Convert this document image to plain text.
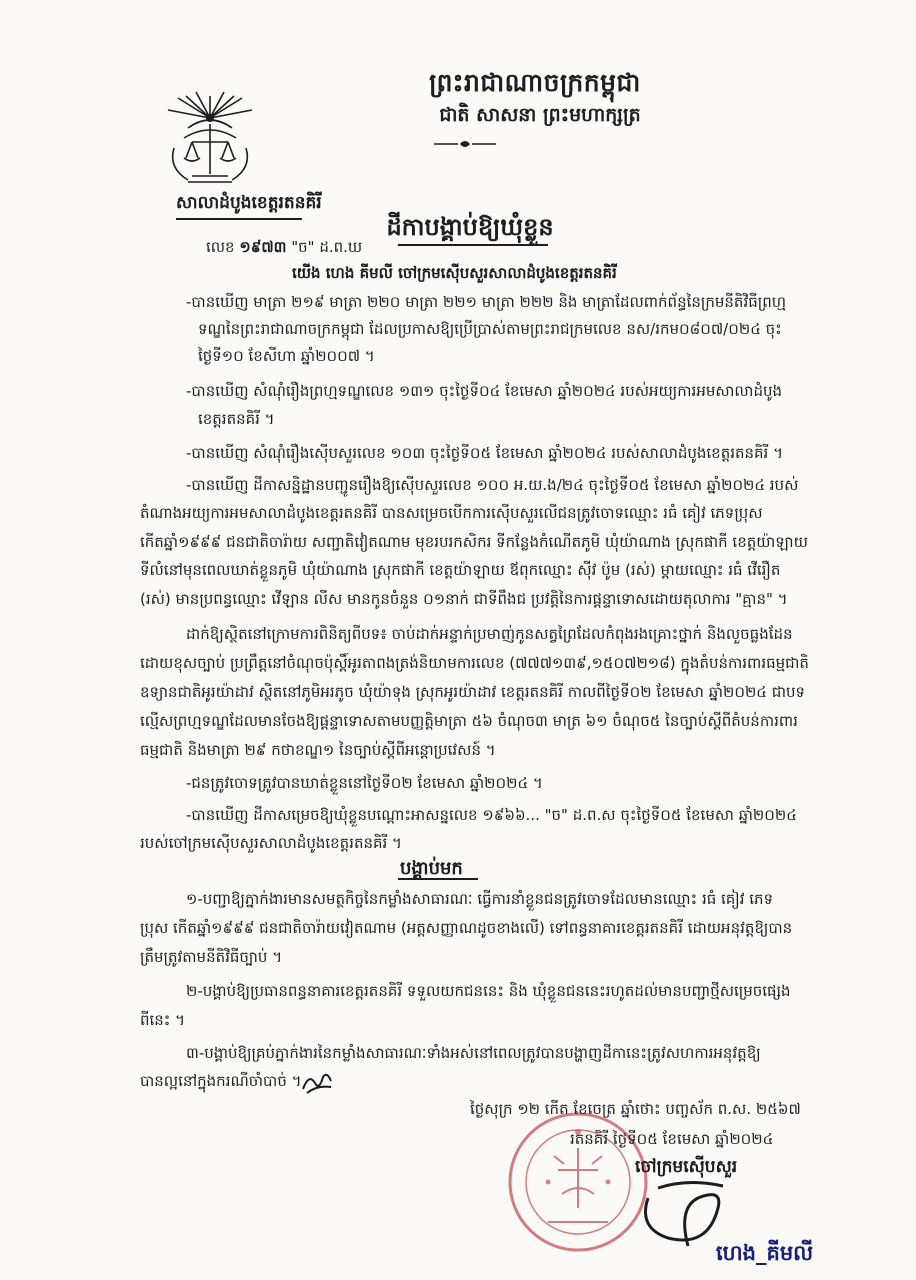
ព្រះរាជាណាចក្រកម្ពុជា
ជាតិ សាសនា ព្រះមហាក្សត្រ
សាលាដំបូងខេត្តរតនគិរី
ដីកាបង្គាប់ឱ្យឃុំខ្លួន
លេខ ១៩៧៣ "ច" ដ.ព.ឃ
យើង ហេង គីមលី ចៅក្រមស៊ើបសួរសាលាដំបូងខេត្តរតនគិរី
-បានឃើញ មាត្រា ២១៩ មាត្រា ២២០ មាត្រា ២២១ មាត្រា ២២២ និង មាត្រាដែលពាក់ព័ន្ធនៃក្រមនីតិវិធីព្រហ្ម
ទណ្ឌនៃព្រះរាជាណាចក្រកម្ពុជា ដែលប្រកាសឱ្យប្រើប្រាស់តាមព្រះរាជក្រមលេខ នស/រកម០៨០៧/០២៤ ចុះ
ថ្ងៃទី១០ ខែសីហា ឆ្នាំ២០០៧ ។
-បានឃើញ សំណុំរឿងព្រហ្មទណ្ឌលេខ ១៣១ ចុះថ្ងៃទី០៤ ខែមេសា ឆ្នាំ២០២៤ របស់អយ្យការអមសាលាដំបូង
ខេត្តរតនគិរី ។
-បានឃើញ សំណុំរឿងស៊ើបសួរលេខ ១០៣ ចុះថ្ងៃទី០៥ ខែមេសា ឆ្នាំ២០២៤ របស់សាលាដំបូងខេត្តរតនគិរី ។
-បានឃើញ ដីកាសន្និដ្ឋានបញ្ជូនរឿងឱ្យស៊ើបសួរលេខ ១០០ អ.យ.ង/២៤ ចុះថ្ងៃទី០៥ ខែមេសា ឆ្នាំ២០២៤ របស់
តំណាងអយ្យការអមសាលាដំបូងខេត្តរតនគិរី បានសម្រេចបើកការស៊ើបសួរលើជនត្រូវចោទឈ្មោះ រធំ គៀវ ភេទប្រុស
កើតឆ្នាំ១៩៩៩ ជនជាតិចារ៉ាយ សញ្ជាតិវៀតណាម មុខរបរកសិករ ទីកន្លែងកំណើតភូមិ ឃុំយ៉ាណាង ស្រុកផាកី ខេត្តយ៉ាឡាយ
ទីលំនៅមុនពេលឃាត់ខ្លួនភូមិ ឃុំយ៉ាណាង ស្រុកផាកី ខេត្តយ៉ាឡាយ ឪពុកឈ្មោះ ស៊ីវ ប៉ូម (រស់) ម្ដាយឈ្មោះ រធំ វើរឿត
(រស់) មានប្រពន្ធឈ្មោះ វើឡាន លីស មានកូនចំនួន ០១នាក់ ជាទីពឹងជ ប្រវត្តិនៃការផ្ដន្ទាទោសដោយតុលាការ "គ្មាន" ។
ដាក់ឱ្យស្ថិតនៅក្រោមការពិនិត្យពីបទ៖ ចាប់ដាក់អន្ទាក់ប្រមាញ់កូនសត្វព្រៃដែលកំពុងរងគ្រោះថ្នាក់ និងលួចធ្លងដែន
ដោយខុសច្បាប់ ប្រព្រឹត្តនៅចំណុចប៉ុស្ដិ៍អូរតាពងត្រង់និយាមការលេខ (៧៧៧១៣៩,១៥០៧២១៨) ក្នុងតំបន់ការពារធម្មជាតិ
ឧទ្យានជាតិអូរយ៉ាដាវ ស្ថិតនៅភូមិអរភូច ឃុំយ៉ាទុង ស្រុកអូរយ៉ាដាវ ខេត្តរតនគិរី កាលពីថ្ងៃទី០២ ខែមេសា ឆ្នាំ២០២៤ ជាបទ
ល្មើសព្រហ្មទណ្ឌដែលមានចែងឱ្យផ្ដន្ទាទោសតាមបញ្ញត្តិមាត្រា ៥៦ ចំណុច៣ មាត្រ ៦១ ចំណុច៥ នៃច្បាប់ស្ដីពីតំបន់ការពារ
ធម្មជាតិ និងមាត្រា ២៩ កថាខណ្ឌ១ នៃច្បាប់ស្ដីពីអន្តោប្រវេសន៍ ។
-ជនត្រូវចោទត្រូវបានឃាត់ខ្លួននៅថ្ងៃទី០២ ខែមេសា ឆ្នាំ២០២៤ ។
-បានឃើញ ដីកាសម្រេចឱ្យឃុំខ្លួនបណ្ដោះអាសន្នលេខ ១៩៦៦... "ច" ដ.ព.ស ចុះថ្ងៃទី០៥ ខែមេសា ឆ្នាំ២០២៤
របស់ចៅក្រមស៊ើបសួរសាលាដំបូងខេត្តរតនគិរី ។
បង្គាប់មក
១-បញ្ជាឱ្យភ្នាក់ងារមានសមត្ថកិច្ចនៃកម្លាំងសាធារណៈ ធ្វើការនាំខ្លួនជនត្រូវចោទដែលមានឈ្មោះ រធំ គៀវ ភេទ
ប្រុស កើតឆ្នាំ១៩៩៩ ជនជាតិចារ៉ាយវៀតណាម (អត្តសញ្ញាណដូចខាងលើ) ទៅពន្ធនាគារខេត្តរតនគិរី ដោយអនុវត្តឱ្យបាន
ត្រឹមត្រូវតាមនីតិវិធីច្បាប់ ។
២-បង្គាប់ឱ្យប្រធានពន្ធនាគារខេត្តរតនគិរី ទទួលយកជននេះ និង ឃុំខ្លួនជននេះរហូតដល់មានបញ្ជាថ្មីសម្រេចផ្សេង
ពីនេះ ។
៣-បង្គាប់ឱ្យគ្រប់ភ្នាក់ងារនៃកម្លាំងសាធារណៈទាំងអស់នៅពេលត្រូវបានបង្ហាញដីកានេះត្រូវសហការអនុវត្តឱ្យ
បានល្អនៅក្នុងករណីចាំបាច់ ។
ថ្ងៃសុក្រ ១២ កើត ខែចេត្រ ឆ្នាំថោះ បញ្ចស័ក ព.ស. ២៥៦៧
រតនគិរី ថ្ងៃទី០៥ ខែមេសា ឆ្នាំ២០២៤
ចៅក្រមស៊ើបសួរ
ហេង_គីមលី
